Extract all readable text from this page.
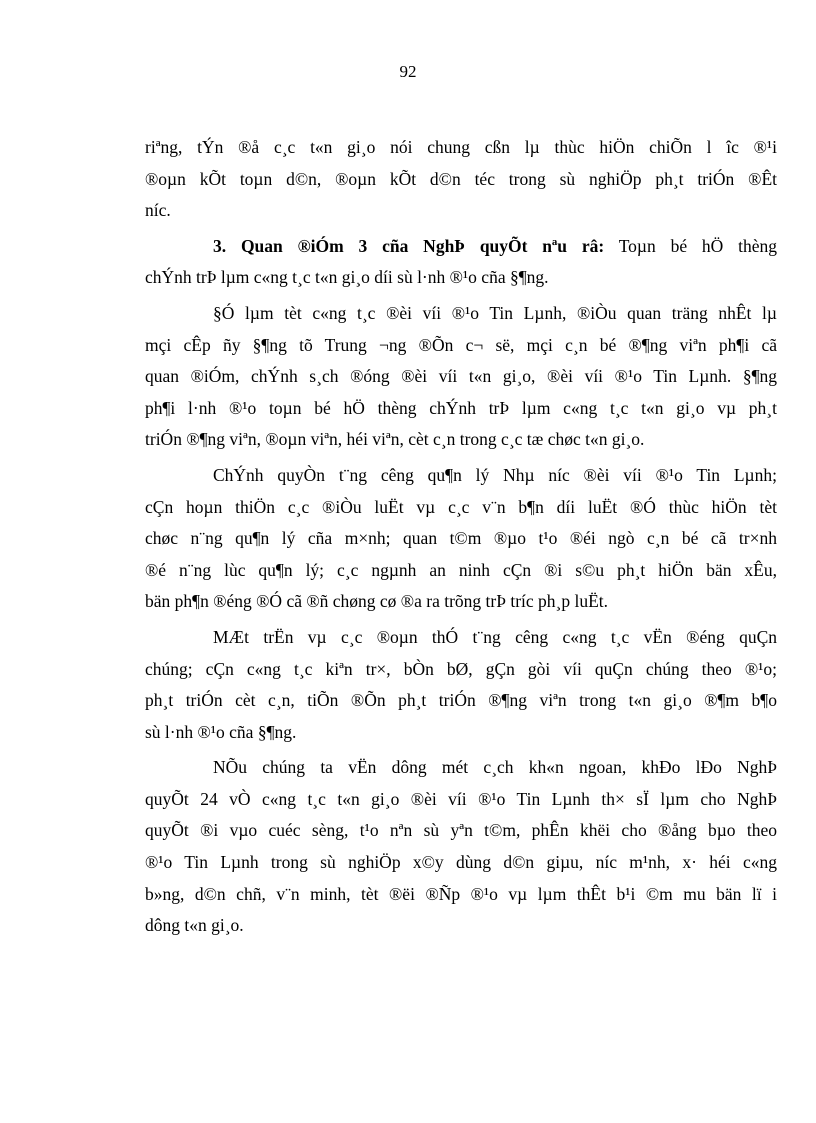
92
riªng, tÝn ®å c¸c t«n gi¸o nói chung cßn lµ thùc hiÖn chiÕn l îc ®¹i
®oµn kÕt toµn d©n, ®oµn kÕt d©n téc trong sù nghiÖp ph¸t triÓn ®Êt
níc.
3. Quan ®iÓm 3 cña NghÞ quyÕt nªu râ: Toµn bé hÖ thèng
chÝnh trÞ lµm c«ng t¸c t«n gi¸o díi sù l·nh ®¹o cña §¶ng.
§Ó lµm tèt c«ng t¸c ®èi víi ®¹o Tin Lµnh, ®iÒu quan träng nhÊt lµ
mçi cÊp ñy §¶ng tõ Trung ¬ng ®Õn c¬ së, mçi c¸n bé ®¶ng viªn ph¶i cã
quan ®iÓm, chÝnh s¸ch ®óng ®èi víi t«n gi¸o, ®èi víi ®¹o Tin Lµnh. §¶ng
ph¶i l·nh ®¹o toµn bé hÖ thèng chÝnh trÞ lµm c«ng t¸c t«n gi¸o vµ ph¸t
triÓn ®¶ng viªn, ®oµn viªn, héi viªn, cèt c¸n trong c¸c tæ chøc t«n gi¸o.
ChÝnh quyÒn t¨ng cêng qu¶n lý Nhµ níc ®èi víi ®¹o Tin Lµnh;
cÇn hoµn thiÖn c¸c ®iÒu luËt vµ c¸c v¨n b¶n díi luËt ®Ó thùc hiÖn tèt
chøc n¨ng qu¶n lý cña m×nh; quan t©m ®µo t¹o ®éi ngò c¸n bé cã tr×nh
®é n¨ng lùc qu¶n lý; c¸c ngµnh an ninh cÇn ®i s©u ph¸t hiÖn bän xÊu,
bän ph¶n ®éng ®Ó cã ®ñ chøng cø ®a ra trõng trÞ tríc ph¸p luËt.
MÆt trËn vµ c¸c ®oµn thÓ t¨ng cêng c«ng t¸c vËn ®éng quÇn
chúng; cÇn c«ng t¸c kiªn tr×, bÒn bØ, gÇn gòi víi quÇn chúng theo ®¹o;
ph¸t triÓn cèt c¸n, tiÕn ®Õn ph¸t triÓn ®¶ng viªn trong t«n gi¸o ®¶m b¶o
sù l·nh ®¹o cña §¶ng.
NÕu chúng ta vËn dông mét c¸ch kh«n ngoan, khÐo lÐo NghÞ
quyÕt 24 vÒ c«ng t¸c t«n gi¸o ®èi víi ®¹o Tin Lµnh th× sÏ lµm cho NghÞ
quyÕt ®i vµo cuéc sèng, t¹o nªn sù yªn t©m, phÊn khëi cho ®ång bµo theo
®¹o Tin Lµnh trong sù nghiÖp x©y dùng d©n giµu, níc m¹nh, x· héi c«ng
b»ng, d©n chñ, v¨n minh, tèt ®ëi ®Ñp ®¹o vµ lµm thÊt b¹i ©m mu bän lï i
dông t«n gi¸o.
